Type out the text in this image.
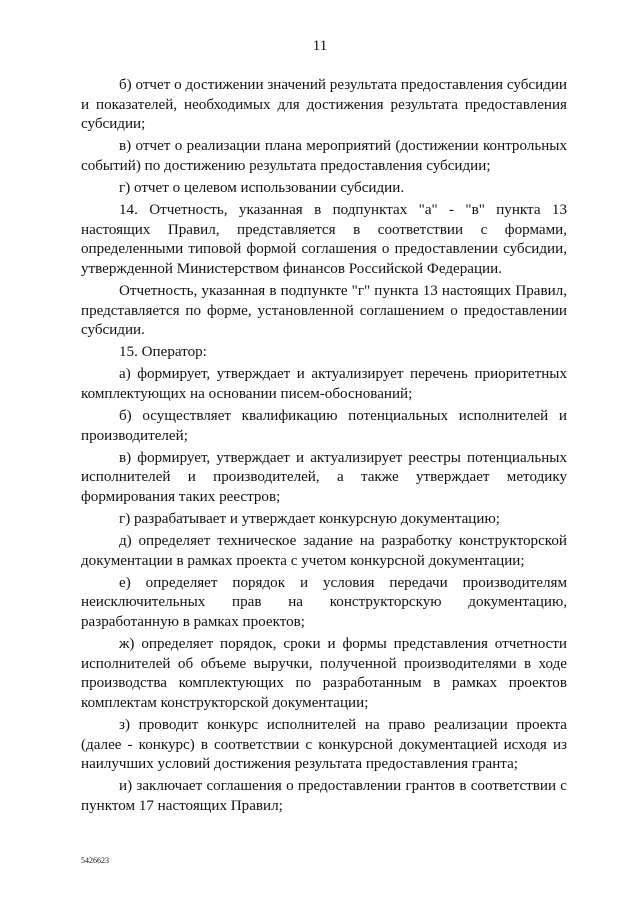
11

б) отчет о достижении значений результата предоставления субсидии и показателей, необходимых для достижения результата предоставления субсидии;

в) отчет о реализации плана мероприятий (достижении контрольных событий) по достижению результата предоставления субсидии;

г) отчет о целевом использовании субсидии.

14. Отчетность, указанная в подпунктах "а" - "в" пункта 13 настоящих Правил, представляется в соответствии с формами, определенными типовой формой соглашения о предоставлении субсидии, утвержденной Министерством финансов Российской Федерации.

Отчетность, указанная в подпункте "г" пункта 13 настоящих Правил, представляется по форме, установленной соглашением о предоставлении субсидии.

15. Оператор:

а) формирует, утверждает и актуализирует перечень приоритетных комплектующих на основании писем-обоснований;

б) осуществляет квалификацию потенциальных исполнителей и производителей;

в) формирует, утверждает и актуализирует реестры потенциальных исполнителей и производителей, а также утверждает методику формирования таких реестров;

г) разрабатывает и утверждает конкурсную документацию;

д) определяет техническое задание на разработку конструкторской документации в рамках проекта с учетом конкурсной документации;

е) определяет порядок и условия передачи производителям неисключительных прав на конструкторскую документацию, разработанную в рамках проектов;

ж) определяет порядок, сроки и формы представления отчетности исполнителей об объеме выручки, полученной производителями в ходе производства комплектующих по разработанным в рамках проектов комплектам конструкторской документации;

з) проводит конкурс исполнителей на право реализации проекта (далее - конкурс) в соответствии с конкурсной документацией исходя из наилучших условий достижения результата предоставления гранта;

и) заключает соглашения о предоставлении грантов в соответствии с пунктом 17 настоящих Правил;

5426623
